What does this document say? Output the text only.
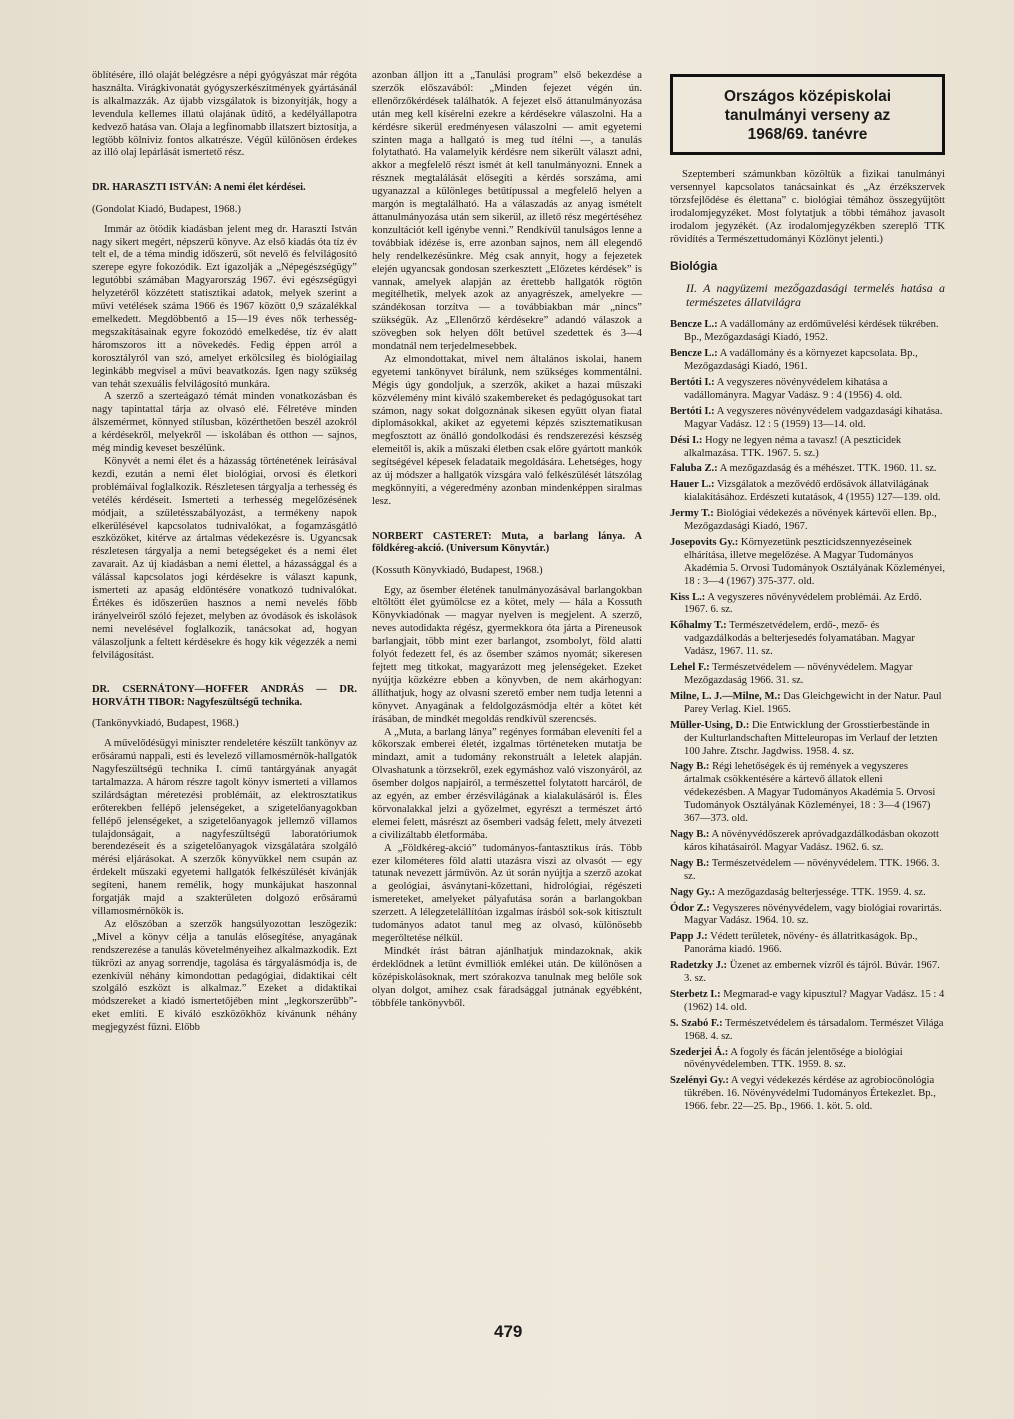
öblítésére, illó olaját belégzésre a népi gyógyászat már régóta használta. Virágkivonatát gyógyszerkészítmények gyártásánál is alkalmazzák. Az újabb vizsgálatok is bizonyítják, hogy a levendula kellemes illatú olajának üdítő, a kedélyállapotra kedvező hatása van. Olaja a legfinomabb illatszert biztosítja, a legtöbb kölniviz fontos alkatrésze. Végül különösen érdekes az illó olaj lepárlását ismertető rész.

DR. HARASZTI ISTVÁN: A nemi élet kérdései.

(Gondolat Kiadó, Budapest, 1968.)

Immár az ötödik kiadásban jelent meg dr. Haraszti István nagy sikert megért, népszerű könyve. Az első kiadás óta tíz év telt el, de a téma mindig időszerű, sőt nevelő és felvilágosító szerepe egyre fokozódik. Ezt igazolják a „Népegészségügy” legutóbbi számában Magyarország 1967. évi egészségügyi helyzetéről közzétett statisztikai adatok, melyek szerint a művi vetélések száma 1966 és 1967 között 0,9 százalékkal emelkedett. Megdöbbentő a 15—19 éves nők terhesség-megszakításainak egyre fokozódó emelkedése, tíz év alatt háromszoros itt a növekedés. Fedig éppen arról a korosztályról van szó, amelyet erkölcsileg és biológiailag leginkább megvisel a művi beavatkozás. Igen nagy szükség van tehát szexuális felvilágosító munkára.

A szerző a szerteágazó témát minden vonatkozásban és nagy tapintattal tárja az olvasó elé. Félretéve minden álszemérmet, könnyed stílusban, közérthetően beszél azokról a kérdésekről, melyekről — iskolában és otthon — sajnos, még mindig keveset beszélünk.

Könyvét a nemi élet és a házasság történetének leírásával kezdi, ezután a nemi élet biológiai, orvosi és életkori problémáival foglalkozik. Részletesen tárgyalja a terhesség és vetélés kérdéseit. Ismerteti a terhesség megelőzésének módjait, a születésszabályozást, a termékeny napok elkerülésével kapcsolatos tudnivalókat, a fogamzásgátló eszközöket, kitérve az ártalmas védekezésre is. Ugyancsak részletesen tárgyalja a nemi betegségeket és a nemi élet zavarait. Az új kiadásban a nemi élettel, a házassággal és a válással kapcsolatos jogi kérdésekre is választ kapunk, ismerteti az apaság eldöntésére vonatkozó tudnivalókat. Értékes és időszerűen hasznos a nemi nevelés főbb irányelveiről szóló fejezet, melyben az óvodások és iskolások nemi nevelésével foglalkozik, tanácsokat ad, hogyan válaszoljunk a feltett kérdésekre és hogy kik végezzék a nemi felvilágosítást.

DR. CSERNÁTONY—HOFFER ANDRÁS — DR. HORVÁTH TIBOR: Nagyfeszültségű technika.

(Tankönyvkiadó, Budapest, 1968.)

A művelődésügyi miniszter rendeletére készült tankönyv az erősáramú nappali, esti és levelező villamosmérnök-hallgatók Nagyfeszültségű technika I. című tantárgyának anyagát tartalmazza. A három részre tagolt könyv ismerteti a villamos szilárdságtan méretezési problémáit, az elektrosztatikus erőterekben fellépő jelenségeket, a szigetelőanyagokban fellépő jelenségeket, a szigetelőanyagok jellemző villamos tulajdonságait, a nagyfeszültségű laboratóriumok berendezéseit és a szigetelőanyagok vizsgálatára szolgáló mérési eljárásokat. A szerzők könyvükkel nem csupán az érdekelt műszaki egyetemi hallgatók felkészülését kívánják segíteni, hanem remélik, hogy munkájukat haszonnal forgatják majd a szakterületen dolgozó erősáramú villamosmérnökök is.

Az előszóban a szerzők hangsúlyozottan leszögezik: „Mivel a könyv célja a tanulás elősegítése, anyagának rendszerezése a tanulás követelményeihez alkalmazkodik. Ezt tükrözi az anyag sorrendje, tagolása és tárgyalásmódja is, de ezenkívül néhány kimondottan pedagógiai, didaktikai célt szolgáló eszközt is alkalmaz.” Ezeket a didaktikai módszereket a kiadó ismertetőjében mint „legkorszerűbb”-eket említi. E kiváló eszközökhöz kívánunk néhány megjegyzést fűzni. Előbb

azonban álljon itt a „Tanulási program” első bekezdése a szerzők előszavából: „Minden fejezet végén ún. ellenőrzőkérdések találhatók. A fejezet első áttanulmányozása után meg kell kísérelni ezekre a kérdésekre válaszolni. Ha a kérdésre sikerül eredményesen válaszolni — amit egyetemi szinten maga a hallgató is meg tud ítélni —, a tanulás folytatható. Ha valamelyik kérdésre nem sikerült választ adni, akkor a megfelelő részt ismét át kell tanulmányozni. Ennek a résznek megtalálását elősegíti a kérdés sorszáma, ami ugyanazzal a különleges betűtípussal a megfelelő helyen a margón is megtalálható. Ha a válaszadás az anyag ismételt áttanulmányozása után sem sikerül, az illető rész megértéséhez konzultációt kell igénybe venni.” Rendkívül tanulságos lenne a továbbiak idézése is, erre azonban sajnos, nem áll elegendő hely rendelkezésünkre. Még csak annyit, hogy a fejezetek elején ugyancsak gondosan szerkesztett „Előzetes kérdések” is vannak, amelyek alapján az érettebb hallgatók rögtön megítélhetik, melyek azok az anyagrészek, amelyekre — szándékosan torzítva — a továbbiakban már „nincs” szükségük. Az „Ellenőrző kérdésekre” adandó válaszok a szövegben sok helyen dőlt betűvel szedettek és 3—4 mondatnál nem terjedelmesebbek.

Az elmondottakat, mivel nem általános iskolai, hanem egyetemi tankönyvet bírálunk, nem szükséges kommentálni. Mégis úgy gondoljuk, a szerzők, akiket a hazai műszaki közvélemény mint kiváló szakembereket és pedagógusokat tart számon, nagy sokat dolgoznának sikesen együtt olyan fiatal diplomásokkal, akiket az egyetemi képzés szisztematikusan megfosztott az önálló gondolkodási és rendszerezési készség elemeitől is, akik a műszaki életben csak előre gyártott mankók segítségével képesek feladataik megoldására. Lehetséges, hogy az új módszer a hallgatók vizsgára való felkészülését látszólag megkönnyíti, a végeredmény azonban mindenképpen siralmas lesz.

NORBERT CASTERET: Muta, a barlang lánya. A földkéreg-akció. (Universum Könyvtár.)

(Kossuth Könyvkiadó, Budapest, 1968.)

Egy, az ősember életének tanulmányozásával barlangokban eltöltött élet gyümölcse ez a kötet, mely — hála a Kossuth Könyvkiadónak — magyar nyelven is megjelent. A szerző, neves autodidakta régész, gyermekkora óta járta a Pireneusok barlangjait, több mint ezer barlangot, zsombolyt, föld alatti folyót fedezett fel, és az ősember számos nyomát; sikeresen fejtett meg titkokat, magyarázott meg jelenségeket. Ezeket nyújtja közkézre ebben a könyvben, de nem akárhogyan: állíthatjuk, hogy az olvasni szerető ember nem tudja letenni a könyvet. Anyagának a feldolgozásmódja eltér a kötet két írásában, de mindkét megoldás rendkívül szerencsés.

A „Muta, a barlang lánya” regényes formában eleveníti fel a kőkorszak emberei életét, izgalmas történeteken mutatja be mindazt, amit a tudomány rekonstruált a leletek alapján. Olvashatunk a törzsekről, ezek egymáshoz való viszonyáról, az ősember dolgos napjairól, a természettel folytatott harcáról, de az egyén, az ember érzésvilágának a kialakulásáról is. Éles körvonalakkal jelzi a győzelmet, egyrészt a természet ártó elemei felett, másrészt az ősemberi vadság felett, mely átvezeti a civilizáltabb életformába.

A „Földkéreg-akció” tudományos-fantasztikus írás. Több ezer kilométeres föld alatti utazásra viszi az olvasót — egy tatunak nevezett járművön. Az út során nyújtja a szerző azokat a geológiai, ásványtani-kőzettani, hidrológiai, régészeti ismereteket, amelyeket pályafutása során a barlangokban szerzett. A lélegzetelállítóan izgalmas írásból sok-sok kitisztult tudományos adatot tanul meg az olvasó, különösebb megerőltetése nélkül.

Mindkét írást bátran ajánlhatjuk mindazoknak, akik érdeklődnek a letűnt évmilliók emlékei után. De különösen a középiskolásoknak, mert szórakozva tanulnak meg belőle sok olyan dolgot, amihez csak fáradsággal jutnának egyébként, többféle tankönyvből.

Országos középiskolai
tanulmányi verseny az
1968/69. tanévre

Szeptemberi számunkban közöltük a fizikai tanulmányi versennyel kapcsolatos tanácsainkat és „Az érzékszervek törzsfejlődése és élettana” c. biológiai témához összegyűjtött irodalomjegyzéket. Most folytatjuk a többi témához javasolt irodalom jegyzékét. (Az irodalomjegyzékben szereplő TTK rövidítés a Természettudományi Közlönyt jelenti.)

Biológia
II. A nagyüzemi mezőgazdasági termelés hatása a természetes állatvilágra

Bencze L.: A vadállomány az erdőművelési kérdések tükrében. Bp., Mezőgazdasági Kiadó, 1952.

Bencze L.: A vadállomány és a környezet kapcsolata. Bp., Mezőgazdasági Kiadó, 1961.

Bertóti I.: A vegyszeres növényvédelem kihatása a vadállományra. Magyar Vadász. 9 : 4 (1956) 4. old.

Bertóti I.: A vegyszeres növényvédelem vadgazdasági kihatása. Magyar Vadász. 12 : 5 (1959) 13—14. old.

Dési I.: Hogy ne legyen néma a tavasz! (A peszticidek alkalmazása. TTK. 1967. 5. sz.)

Faluba Z.: A mezőgazdaság és a méhészet. TTK. 1960. 11. sz.

Hauer L.: Vizsgálatok a mezővédő erdősávok állatvilágának kialakításához. Erdészeti kutatások, 4 (1955) 127—139. old.

Jermy T.: Biológiai védekezés a növények kártevői ellen. Bp., Mezőgazdasági Kiadó, 1967.

Josepovits Gy.: Környezetünk peszticidszennyezéseinek elhárítása, illetve megelőzése. A Magyar Tudományos Akadémia 5. Orvosi Tudományok Osztályának Közleményei, 18 : 3—4 (1967) 375-377. old.

Kiss L.: A vegyszeres növényvédelem problémái. Az Erdő. 1967. 6. sz.

Kőhalmy T.: Természetvédelem, erdő-, mező- és vadgazdálkodás a belterjesedés folyamatában. Magyar Vadász, 1967. 11. sz.

Lehel F.: Természetvédelem — növényvédelem. Magyar Mezőgazdaság 1966. 31. sz.

Milne, L. J.—Milne, M.: Das Gleichgewicht in der Natur. Paul Parey Verlag. Kiel. 1965.

Müller-Using, D.: Die Entwicklung der Grosstierbestände in der Kulturlandschaften Mitteleuropas im Verlauf der letzten 100 Jahre. Ztschr. Jagdwiss. 1958. 4. sz.

Nagy B.: Régi lehetőségek és új remények a vegyszeres ártalmak csökkentésére a kártevő állatok elleni védekezésben. A Magyar Tudományos Akadémia 5. Orvosi Tudományok Osztályának Közleményei, 18 : 3—4 (1967) 367—373. old.

Nagy B.: A növényvédőszerek apróvadgazdálkodásban okozott káros kihatásairól. Magyar Vadász. 1962. 6. sz.

Nagy B.: Természetvédelem — növényvédelem. TTK. 1966. 3. sz.

Nagy Gy.: A mezőgazdaság belterjessége. TTK. 1959. 4. sz.

Ódor Z.: Vegyszeres növényvédelem, vagy biológiai rovarirtás. Magyar Vadász. 1964. 10. sz.

Papp J.: Védett területek, növény- és állatritkaságok. Bp., Panoráma kiadó. 1966.

Radetzky J.: Üzenet az embernek vízről és tájról. Búvár. 1967. 3. sz.

Sterbetz I.: Megmarad-e vagy kipusztul? Magyar Vadász. 15 : 4 (1962) 14. old.

S. Szabó F.: Természetvédelem és társadalom. Természet Világa 1968. 4. sz.

Szederjei Á.: A fogoly és fácán jelentősége a biológiai növényvédelemben. TTK. 1959. 8. sz.

Szelényi Gy.: A vegyi védekezés kérdése az agrobiocönológia tükrében. 16. Növényvédelmi Tudományos Értekezlet. Bp., 1966. febr. 22—25. Bp., 1966. 1. köt. 5. old.

479
